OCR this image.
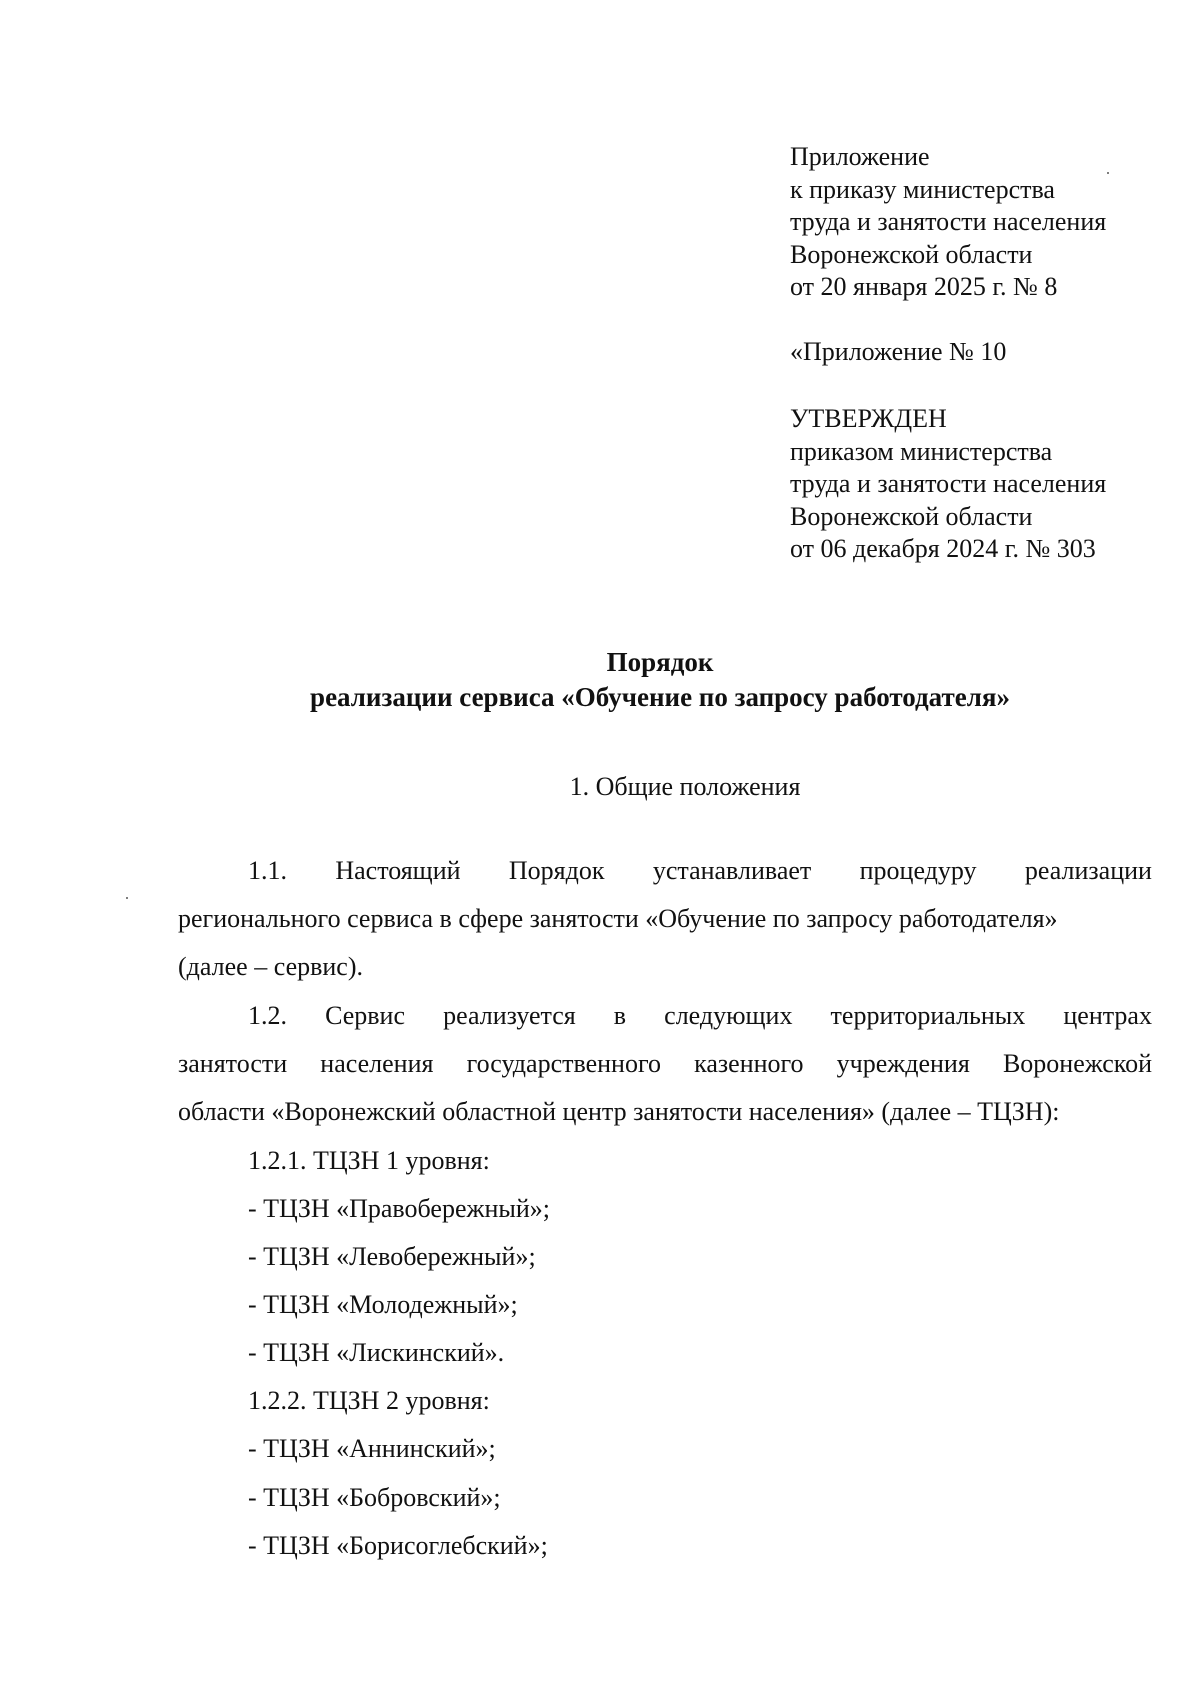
Приложение
к приказу министерства
труда и занятости населения
Воронежской области
от 20 января 2025 г. № 8
«Приложение № 10
УТВЕРЖДЕН
приказом министерства
труда и занятости населения
Воронежской области
от 06 декабря 2024 г. № 303
Порядок
реализации сервиса «Обучение по запросу работодателя»
1. Общие положения
1.1. Настоящий Порядок устанавливает процедуру реализации
регионального сервиса в сфере занятости «Обучение по запросу работодателя»
(далее – сервис).
1.2. Сервис реализуется в следующих территориальных центрах
занятости населения государственного казенного учреждения Воронежской
области «Воронежский областной центр занятости населения» (далее – ТЦЗН):
1.2.1. ТЦЗН 1 уровня:
- ТЦЗН «Правобережный»;
- ТЦЗН «Левобережный»;
- ТЦЗН «Молодежный»;
- ТЦЗН «Лискинский».
1.2.2. ТЦЗН 2 уровня:
- ТЦЗН «Аннинский»;
- ТЦЗН «Бобровский»;
- ТЦЗН «Борисоглебский»;
